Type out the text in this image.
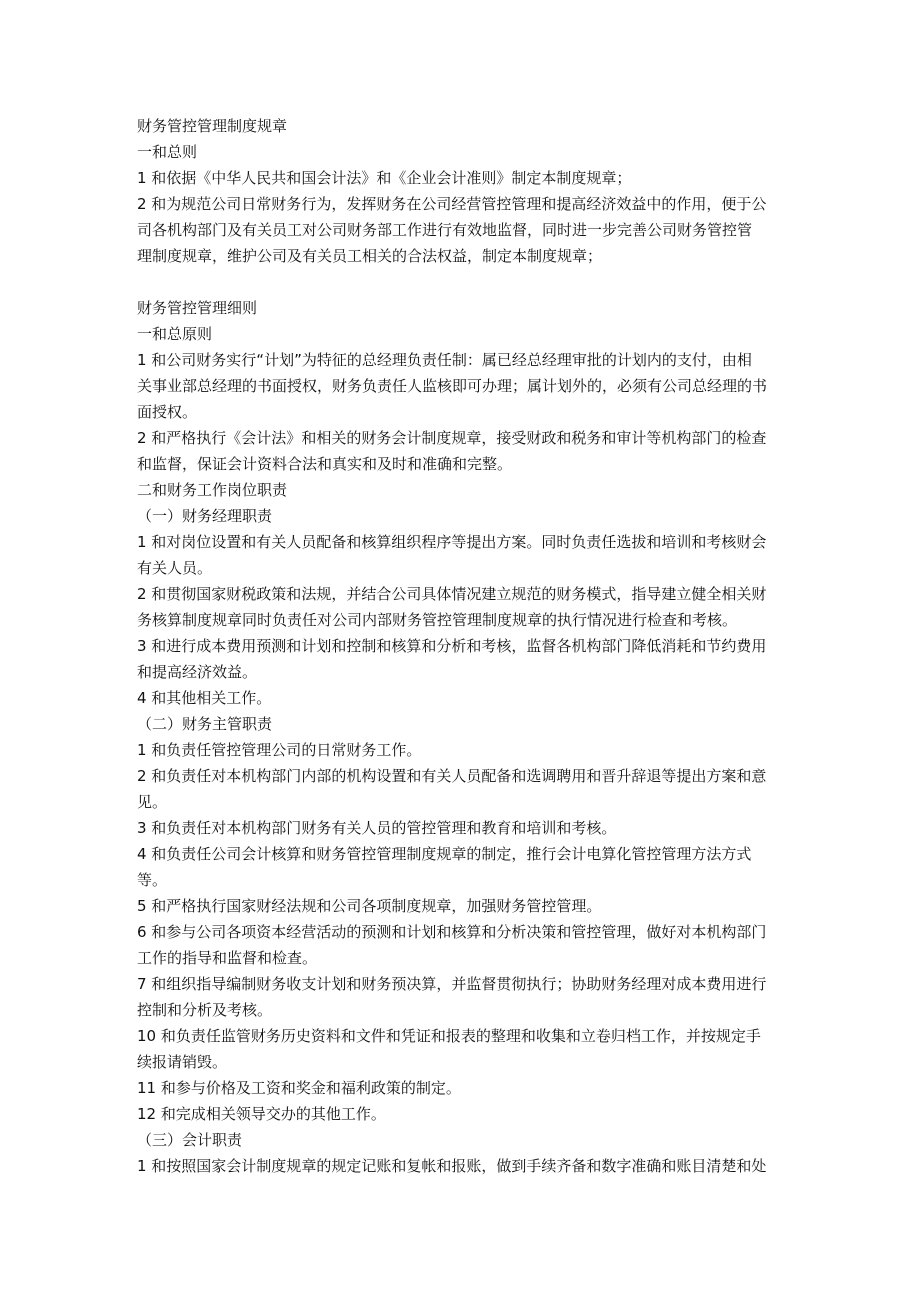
财务管控管理制度规章
一和总则
1 和依据《中华人民共和国会计法》和《企业会计准则》制定本制度规章；
2 和为规范公司日常财务行为，发挥财务在公司经营管控管理和提高经济效益中的作用，便于公
司各机构部门及有关员工对公司财务部工作进行有效地监督，同时进一步完善公司财务管控管
理制度规章，维护公司及有关员工相关的合法权益，制定本制度规章；
财务管控管理细则
一和总原则
1 和公司财务实行“计划”为特征的总经理负责任制：属已经总经理审批的计划内的支付，由相
关事业部总经理的书面授权，财务负责任人监核即可办理；属计划外的，必须有公司总经理的书
面授权。
2 和严格执行《会计法》和相关的财务会计制度规章，接受财政和税务和审计等机构部门的检查
和监督，保证会计资料合法和真实和及时和准确和完整。
二和财务工作岗位职责
（一）财务经理职责
1 和对岗位设置和有关人员配备和核算组织程序等提出方案。同时负责任选拔和培训和考核财会
有关人员。
2 和贯彻国家财税政策和法规，并结合公司具体情况建立规范的财务模式，指导建立健全相关财
务核算制度规章同时负责任对公司内部财务管控管理制度规章的执行情况进行检查和考核。
3 和进行成本费用预测和计划和控制和核算和分析和考核，监督各机构部门降低消耗和节约费用
和提高经济效益。
4 和其他相关工作。
（二）财务主管职责
1 和负责任管控管理公司的日常财务工作。
2 和负责任对本机构部门内部的机构设置和有关人员配备和选调聘用和晋升辞退等提出方案和意
见。
3 和负责任对本机构部门财务有关人员的管控管理和教育和培训和考核。
4 和负责任公司会计核算和财务管控管理制度规章的制定，推行会计电算化管控管理方法方式
等。
5 和严格执行国家财经法规和公司各项制度规章，加强财务管控管理。
6 和参与公司各项资本经营活动的预测和计划和核算和分析决策和管控管理，做好对本机构部门
工作的指导和监督和检查。
7 和组织指导编制财务收支计划和财务预决算，并监督贯彻执行；协助财务经理对成本费用进行
控制和分析及考核。
10 和负责任监管财务历史资料和文件和凭证和报表的整理和收集和立卷归档工作，并按规定手
续报请销毁。
11 和参与价格及工资和奖金和福利政策的制定。
12 和完成相关领导交办的其他工作。
（三）会计职责
1 和按照国家会计制度规章的规定记账和复帐和报账，做到手续齐备和数字准确和账目清楚和处
